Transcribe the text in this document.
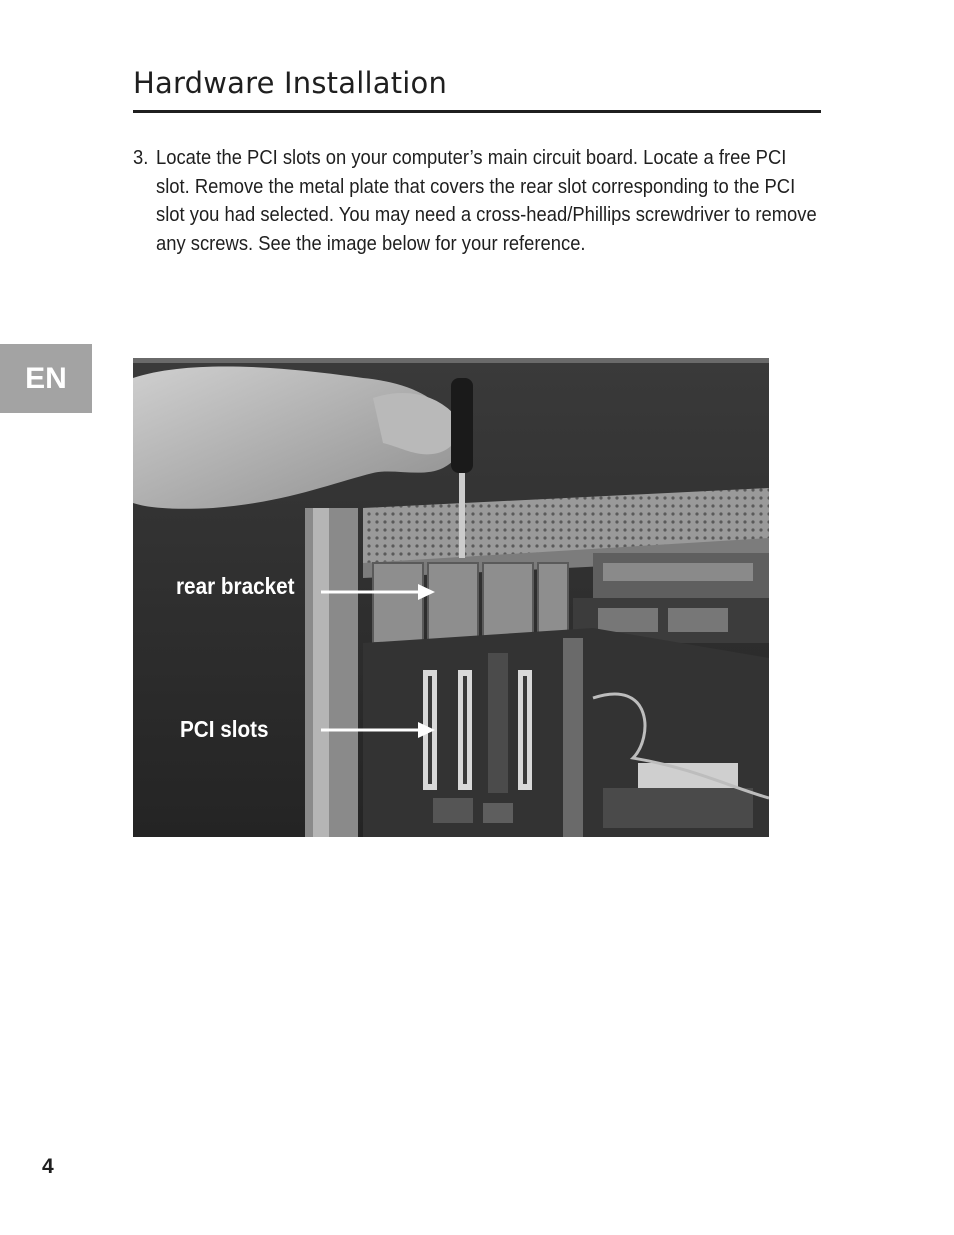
Hardware Installation
3. Locate the PCI slots on your computer’s main circuit board. Locate a free PCI slot. Remove the metal plate that covers the rear slot corresponding to the PCI slot you had selected. You may need a cross-head/Phillips screwdriver to remove any screws. See the image below for your reference.
EN
rear bracket
PCI slots
4
